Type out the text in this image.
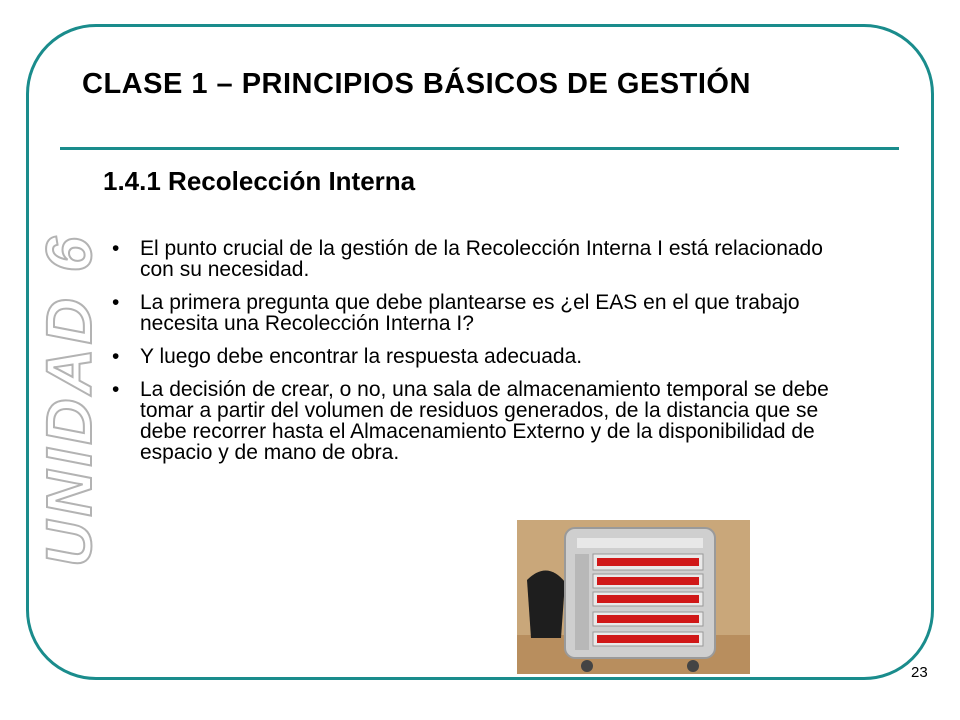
UNIDAD 6
CLASE 1 – PRINCIPIOS BÁSICOS DE GESTIÓN
1.4.1 Recolección Interna
• El punto crucial de la gestión de la Recolección Interna I está relacionado con su necesidad.
• La primera pregunta que debe plantearse es ¿el EAS en el que trabajo necesita una Recolección Interna I?
• Y luego debe encontrar la respuesta adecuada.
• La decisión de crear, o no, una sala de almacenamiento temporal se debe tomar a partir del volumen de residuos generados, de la distancia que se debe recorrer hasta el Almacenamiento Externo y de la disponibilidad de espacio y de mano de obra.
23
